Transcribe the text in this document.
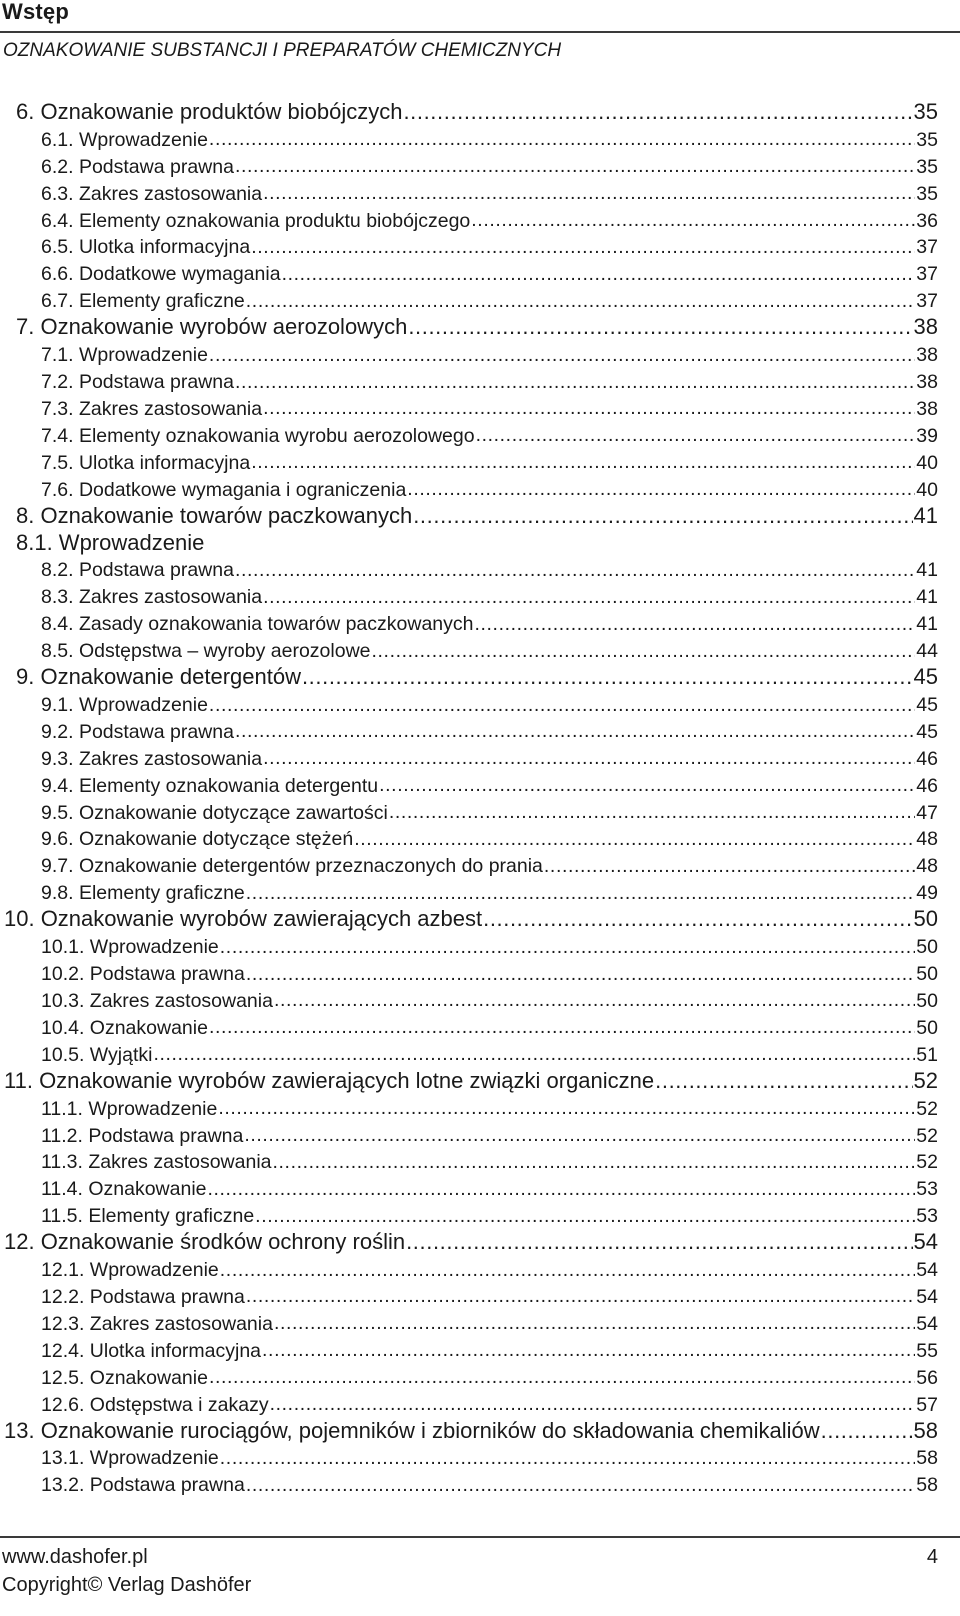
Wstęp
OZNAKOWANIE SUBSTANCJI I PREPARATÓW CHEMICZNYCH
6. Oznakowanie produktów biobójczych .....	35
6.1. Wprowadzenie .....	35
6.2. Podstawa prawna .....	35
6.3. Zakres zastosowania .....	35
6.4. Elementy oznakowania produktu biobójczego .....	36
6.5. Ulotka informacyjna .....	37
6.6. Dodatkowe wymagania .....	37
6.7. Elementy graficzne .....	37
7. Oznakowanie wyrobów aerozolowych .....	38
7.1. Wprowadzenie .....	38
7.2. Podstawa prawna .....	38
7.3. Zakres zastosowania .....	38
7.4. Elementy oznakowania wyrobu aerozolowego .....	39
7.5. Ulotka informacyjna .....	40
7.6. Dodatkowe wymagania i ograniczenia .....	40
8. Oznakowanie towarów paczkowanych .....	41
8.1. Wprowadzenie
8.2. Podstawa prawna .....	41
8.3. Zakres zastosowania .....	41
8.4. Zasady oznakowania towarów paczkowanych .....	41
8.5. Odstępstwa – wyroby aerozolowe .....	44
9. Oznakowanie detergentów .....	45
9.1. Wprowadzenie .....	45
9.2. Podstawa prawna .....	45
9.3. Zakres zastosowania .....	46
9.4. Elementy oznakowania detergentu .....	46
9.5. Oznakowanie dotyczące zawartości .....	47
9.6. Oznakowanie dotyczące stężeń .....	48
9.7. Oznakowanie detergentów przeznaczonych do prania .....	48
9.8. Elementy graficzne .....	49
10. Oznakowanie wyrobów zawierających azbest .....	50
10.1. Wprowadzenie .....	50
10.2. Podstawa prawna .....	50
10.3. Zakres zastosowania .....	50
10.4. Oznakowanie .....	50
10.5. Wyjątki .....	51
11. Oznakowanie wyrobów zawierających lotne związki organiczne .....	52
11.1. Wprowadzenie .....	52
11.2. Podstawa prawna .....	52
11.3. Zakres zastosowania .....	52
11.4. Oznakowanie .....	53
11.5. Elementy graficzne .....	53
12. Oznakowanie środków ochrony roślin .....	54
12.1. Wprowadzenie .....	54
12.2. Podstawa prawna .....	54
12.3. Zakres zastosowania .....	54
12.4. Ulotka informacyjna .....	55
12.5. Oznakowanie .....	56
12.6. Odstępstwa i zakazy .....	57
13. Oznakowanie rurociągów, pojemników i zbiorników do składowania chemikaliów .....	58
13.1. Wprowadzenie .....	58
13.2. Podstawa prawna .....	58
www.dashofer.pl
Copyright© Verlag Dashöfer
4
